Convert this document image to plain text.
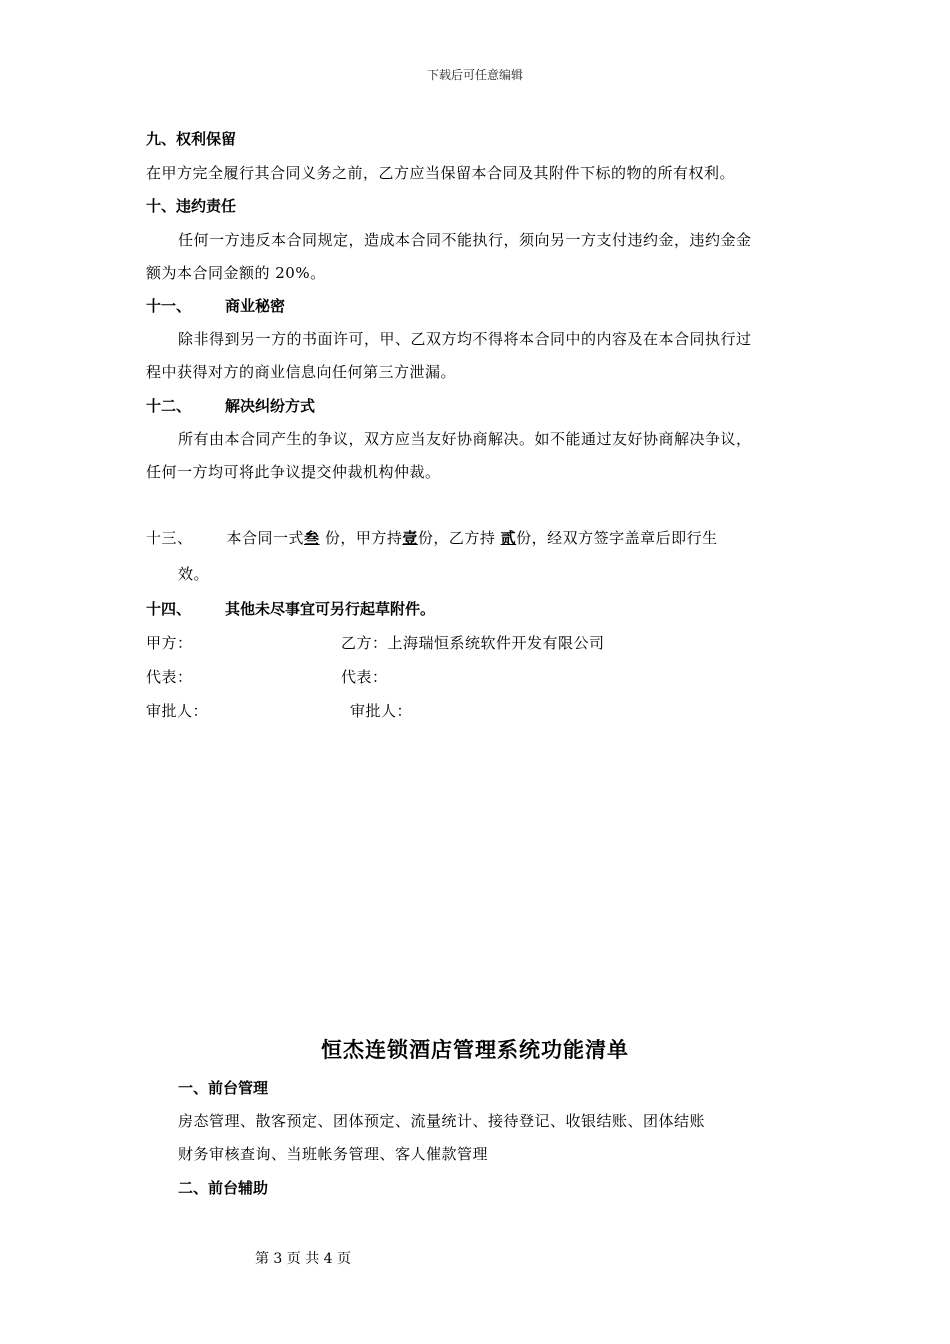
下载后可任意编辑
九、权利保留
在甲方完全履行其合同义务之前，乙方应当保留本合同及其附件下标的物的所有权利。
十、违约责任
任何一方违反本合同规定，造成本合同不能执行，须向另一方支付违约金，违约金金
额为本合同金额的 20%。
十一、 商业秘密
除非得到另一方的书面许可，甲、乙双方均不得将本合同中的内容及在本合同执行过
程中获得对方的商业信息向任何第三方泄漏。
十二、 解决纠纷方式
所有由本合同产生的争议，双方应当友好协商解决。如不能通过友好协商解决争议，
任何一方均可将此争议提交仲裁机构仲裁。
十三、 本合同一式叁 份，甲方持壹份，乙方持 贰份，经双方签字盖章后即行生
效。
十四、 其他未尽事宜可另行起草附件。
甲方：	乙方：上海瑞恒系统软件开发有限公司
代表：	代表：
审批人：	审批人：
恒杰连锁酒店管理系统功能清单
一、前台管理
房态管理、散客预定、团体预定、流量统计、接待登记、收银结账、团体结账
财务审核查询、当班帐务管理、客人催款管理
二、前台辅助
第 3 页 共 4 页
